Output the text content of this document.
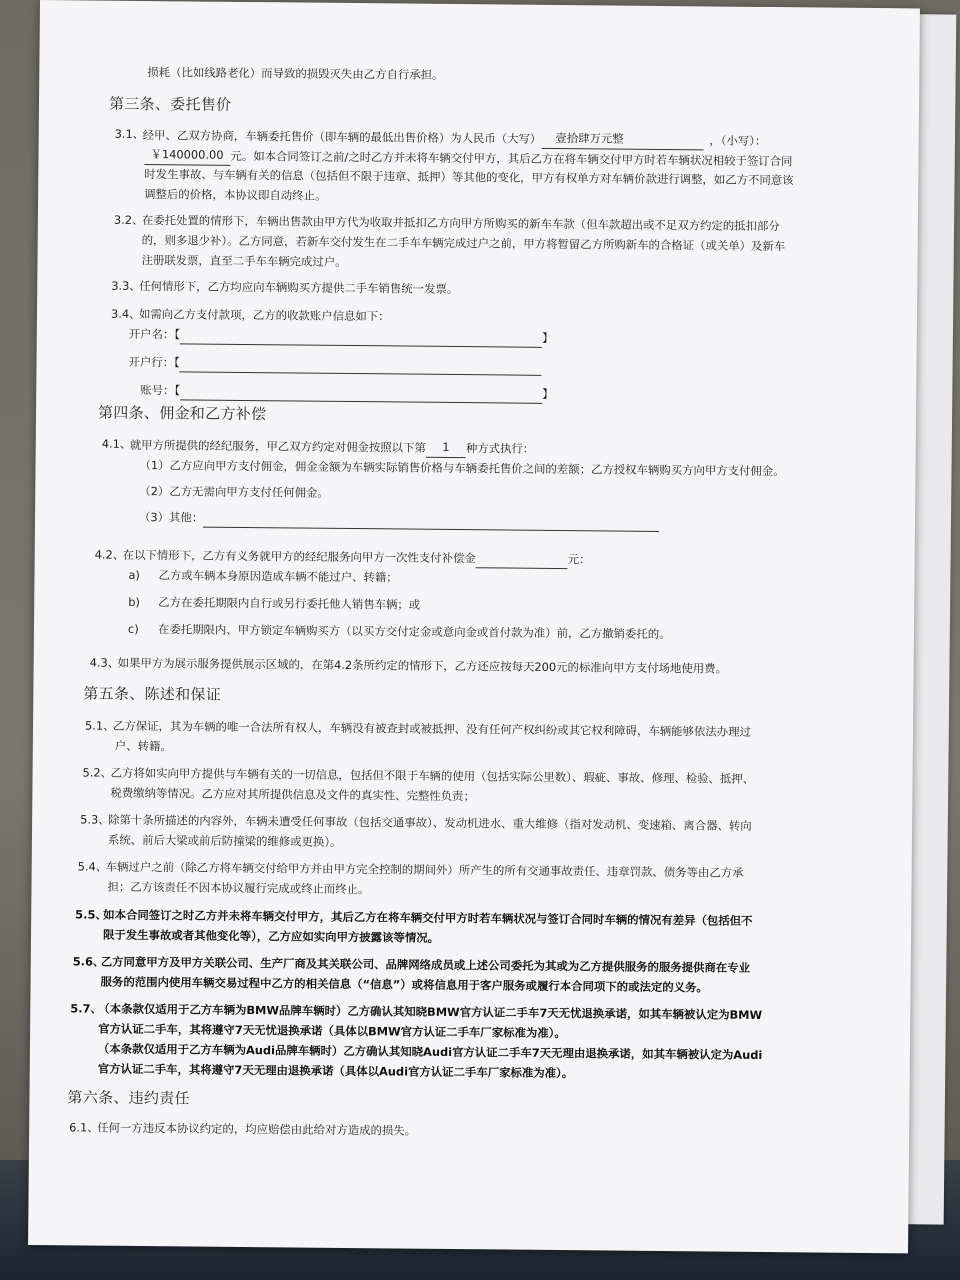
损耗（比如线路老化）而导致的损毁灭失由乙方自行承担。

第三条、委托售价

3.1、

经甲、乙双方协商，车辆委托售价（即车辆的最低出售价格）为人民币（大写） 壹拾肆万元整	，（小写）：

￥140000.00 元。如本合同签订之前/之时乙方并未将车辆交付甲方，其后乙方在将车辆交付甲方时若车辆状况相较于签订合同

时发生事故、与车辆有关的信息（包括但不限于违章、抵押）等其他的变化，甲方有权单方对车辆价款进行调整，如乙方不同意该

调整后的价格，本协议即自动终止。

3.2、

在委托处置的情形下，车辆出售款由甲方代为收取并抵扣乙方向甲方所购买的新车车款（但车款超出或不足双方约定的抵扣部分

的，则多退少补）。乙方同意，若新车交付发生在二手车车辆完成过户之前，甲方将暂留乙方所购新车的合格证（或关单）及新车

注册联发票，直至二手车车辆完成过户。

3.3、

任何情形下，乙方均应向车辆购买方提供二手车销售统一发票。

3.4、

如需向乙方支付款项，乙方的收款账户信息如下：

开户名：【	】
开户行：【
账号：【	】

第四条、佣金和乙方补偿

4.1、

就甲方所提供的经纪服务，甲乙双方约定对佣金按照以下第 1 种方式执行：

（1）乙方应向甲方支付佣金，佣金金额为车辆实际销售价格与车辆委托售价之间的差额；乙方授权车辆购买方向甲方支付佣金。

（2）乙方无需向甲方支付任何佣金。

（3）其他：

4.2、

在以下情形下，乙方有义务就甲方的经纪服务向甲方一次性支付补偿金	元：

a) 乙方或车辆本身原因造成车辆不能过户、转籍；

b) 乙方在委托期限内自行或另行委托他人销售车辆；或

c) 在委托期限内、甲方锁定车辆购买方（以买方交付定金或意向金或首付款为准）前，乙方撤销委托的。

4.3、

如果甲方为展示服务提供展示区域的，在第4.2条所约定的情形下，乙方还应按每天200元的标准向甲方支付场地使用费。

第五条、陈述和保证

5.1、

乙方保证，其为车辆的唯一合法所有权人，车辆没有被查封或被抵押、没有任何产权纠纷或其它权利障碍，车辆能够依法办理过

户、转籍。

5.2、

乙方将如实向甲方提供与车辆有关的一切信息，包括但不限于车辆的使用（包括实际公里数）、瑕疵、事故、修理、检验、抵押、

税费缴纳等情况。乙方应对其所提供信息及文件的真实性、完整性负责；

5.3、

除第十条所描述的内容外，车辆未遭受任何事故（包括交通事故）、发动机进水、重大维修（指对发动机、变速箱、离合器、转向

系统、前后大梁或前后防撞梁的维修或更换）。

5.4、

车辆过户之前（除乙方将车辆交付给甲方并由甲方完全控制的期间外）所产生的所有交通事故责任、违章罚款、债务等由乙方承

担；乙方该责任不因本协议履行完成或终止而终止。

5.5、

如本合同签订之时乙方并未将车辆交付甲方，其后乙方在将车辆交付甲方时若车辆状况与签订合同时车辆的情况有差异（包括但不

限于发生事故或者其他变化等），乙方应如实向甲方披露该等情况。

5.6、

乙方同意甲方及甲方关联公司、生产厂商及其关联公司、品牌网络成员或上述公司委托为其或为乙方提供服务的服务提供商在专业

服务的范围内使用车辆交易过程中乙方的相关信息（“信息”）或将信息用于客户服务或履行本合同项下的或法定的义务。

5.7、

（本条款仅适用于乙方车辆为BMW品牌车辆时）乙方确认其知晓BMW官方认证二手车7天无忧退换承诺，如其车辆被认定为BMW

官方认证二手车，其将遵守7天无忧退换承诺（具体以BMW官方认证二手车厂家标准为准）。

（本条款仅适用于乙方车辆为Audi品牌车辆时）乙方确认其知晓Audi官方认证二手车7天无理由退换承诺，如其车辆被认定为Audi

官方认证二手车，其将遵守7天无理由退换承诺（具体以Audi官方认证二手车厂家标准为准）。

第六条、违约责任

6.1、

任何一方违反本协议约定的，均应赔偿由此给对方造成的损失。
